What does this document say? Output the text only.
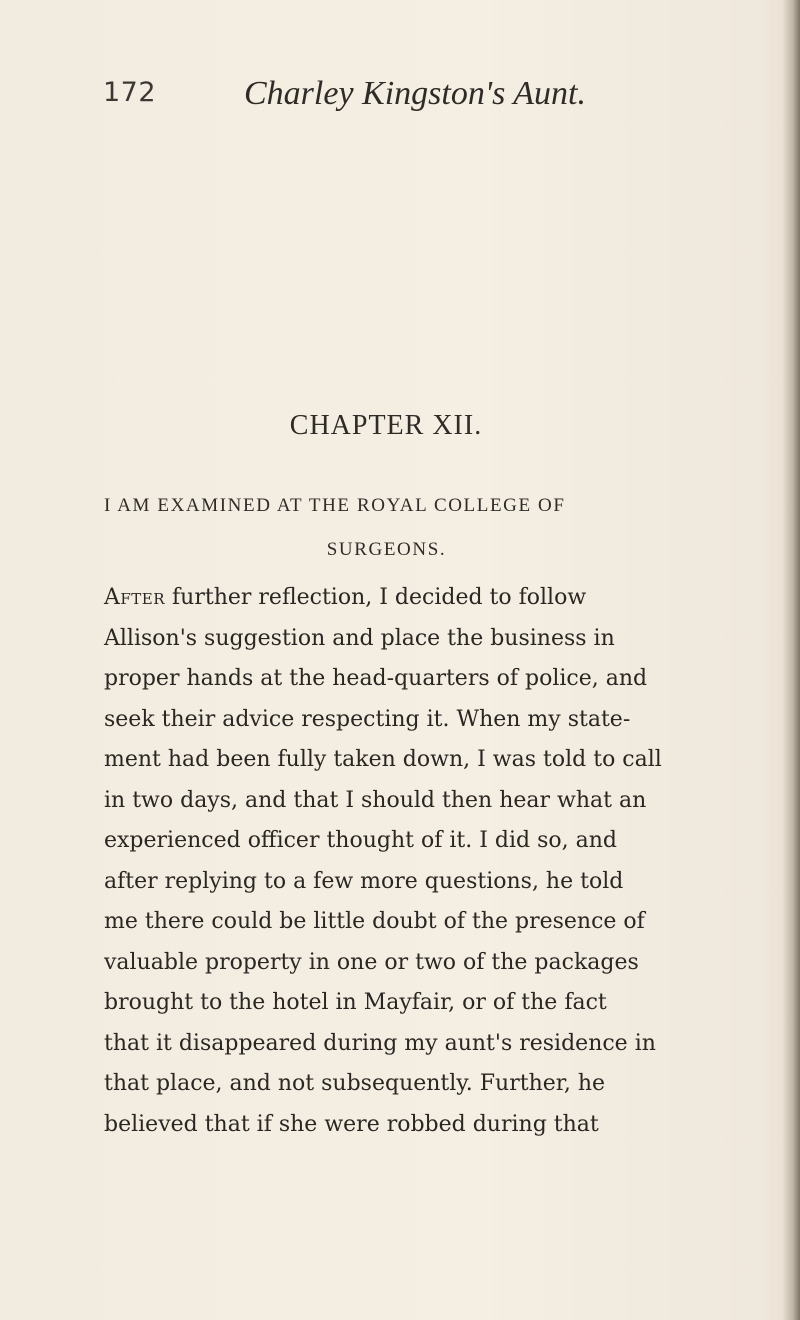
172	Charley Kingston's Aunt.
CHAPTER XII.
I AM EXAMINED AT THE ROYAL COLLEGE OF
SURGEONS.
After further reflection, I decided to follow
Allison's suggestion and place the business in
proper hands at the head-quarters of police, and
seek their advice respecting it. When my state-
ment had been fully taken down, I was told to call
in two days, and that I should then hear what an
experienced officer thought of it. I did so, and
after replying to a few more questions, he told
me there could be little doubt of the presence of
valuable property in one or two of the packages
brought to the hotel in Mayfair, or of the fact
that it disappeared during my aunt's residence in
that place, and not subsequently. Further, he
believed that if she were robbed during that
